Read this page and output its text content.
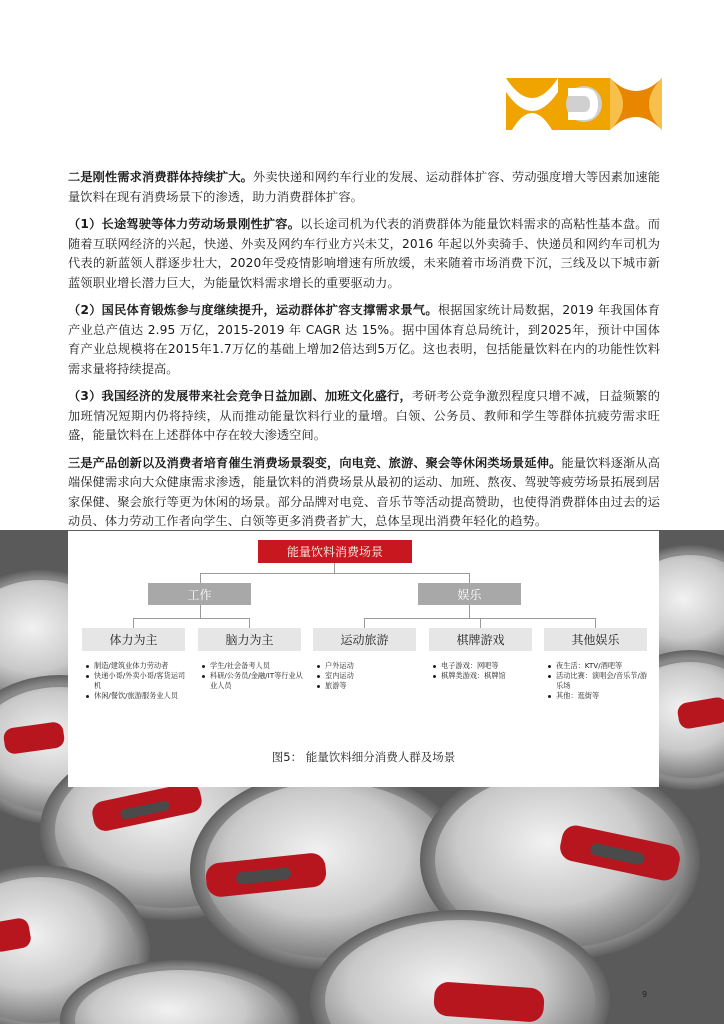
二是刚性需求消费群体持续扩大。外卖快递和网约车行业的发展、运动群体扩容、劳动强度增大等因素加速能量饮料在现有消费场景下的渗透，助力消费群体扩容。

（1）长途驾驶等体力劳动场景刚性扩容。以长途司机为代表的消费群体为能量饮料需求的高粘性基本盘。而随着互联网经济的兴起，快递、外卖及网约车行业方兴未艾，2016 年起以外卖骑手、快递员和网约车司机为代表的新蓝领人群逐步壮大，2020年受疫情影响增速有所放缓，未来随着市场消费下沉，三线及以下城市新蓝领职业增长潜力巨大，为能量饮料需求增长的重要驱动力。

（2）国民体育锻炼参与度继续提升，运动群体扩容支撑需求景气。根据国家统计局数据，2019 年我国体育产业总产值达 2.95 万亿，2015-2019 年 CAGR 达 15%。据中国体育总局统计，到2025年，预计中国体育产业总规模将在2015年1.7万亿的基础上增加2倍达到5万亿。这也表明，包括能量饮料在内的功能性饮料需求量将持续提高。

（3）我国经济的发展带来社会竞争日益加剧、加班文化盛行，考研考公竞争激烈程度只增不减，日益频繁的加班情况短期内仍将持续，从而推动能量饮料行业的量增。白领、公务员、教师和学生等群体抗疲劳需求旺盛，能量饮料在上述群体中存在较大渗透空间。

三是产品创新以及消费者培育催生消费场景裂变，向电竞、旅游、聚会等休闲类场景延伸。能量饮料逐渐从高端保健需求向大众健康需求渗透，能量饮料的消费场景从最初的运动、加班、熬夜、驾驶等疲劳场景拓展到居家保健、聚会旅行等更为休闲的场景。部分品牌对电竞、音乐节等活动提高赞助，也使得消费群体由过去的运动员、体力劳动工作者向学生、白领等更多消费者扩大，总体呈现出消费年轻化的趋势。

能量饮料消费场景
工作	娱乐
体力为主	脑力为主	运动旅游	棋牌游戏	其他娱乐
制造/建筑业体力劳动者
快递小哥/外卖小哥/客货运司机
休闲/餐饮/旅游服务业人员
学生/社会备考人员
科研/公务员/金融/IT等行业从业人员
户外运动
室内运动
旅游等
电子游戏：网吧等
棋牌类游戏：棋牌馆
夜生活：KTV/酒吧等
活动比赛：演唱会/音乐节/游乐场
其他：逛街等
图5： 能量饮料细分消费人群及场景
9
